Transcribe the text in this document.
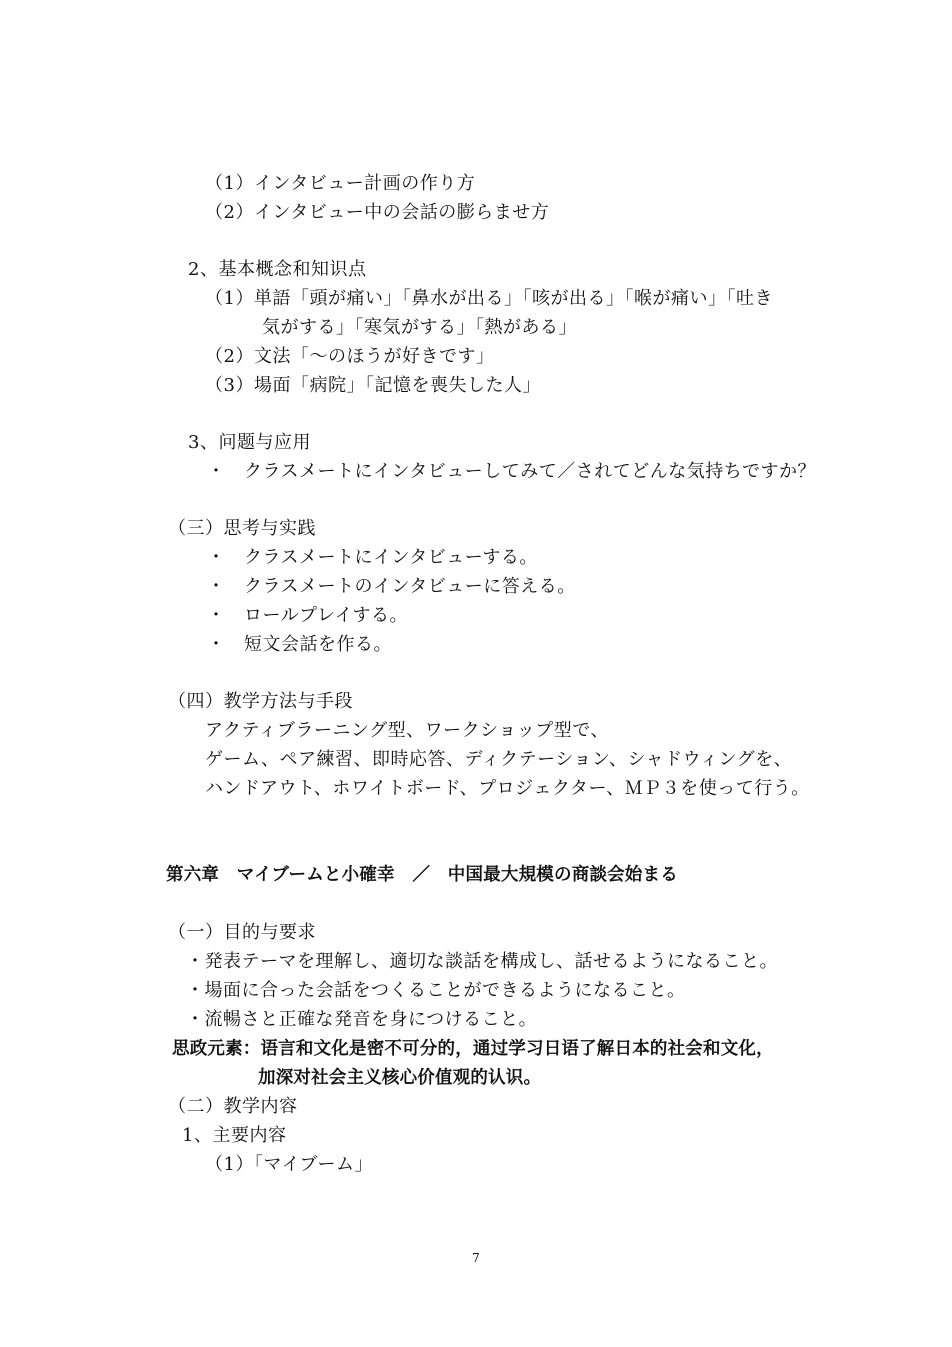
（1）インタビュー計画の作り方

（2）インタビュー中の会話の膨らませ方

2、基本概念和知识点

（1）単語「頭が痛い」「鼻水が出る」「咳が出る」「喉が痛い」「吐き

気がする」「寒気がする」「熱がある」

（2）文法「～のほうが好きです」

（3）場面「病院」「記憶を喪失した人」

3、问题与应用

・　クラスメートにインタビューしてみて／されてどんな気持ちですか？

（三）思考与实践

・　クラスメートにインタビューする。

・　クラスメートのインタビューに答える。

・　ロールプレイする。

・　短文会話を作る。

（四）教学方法与手段

アクティブラーニング型、ワークショップ型で、

ゲーム、ペア練習、即時応答、ディクテーション、シャドウィングを、

ハンドアウト、ホワイトボード、プロジェクター、ＭＰ３を使って行う。

第六章　マイブームと小確幸　／　中国最大規模の商談会始まる

（一）目的与要求

・発表テーマを理解し、適切な談話を構成し、話せるようになること。

・場面に合った会話をつくることができるようになること。

・流暢さと正確な発音を身につけること。

思政元素：语言和文化是密不可分的，通过学习日语了解日本的社会和文化，

加深对社会主义核心价值观的认识。

（二）教学内容

1、主要内容

（1）「マイブーム」

7
